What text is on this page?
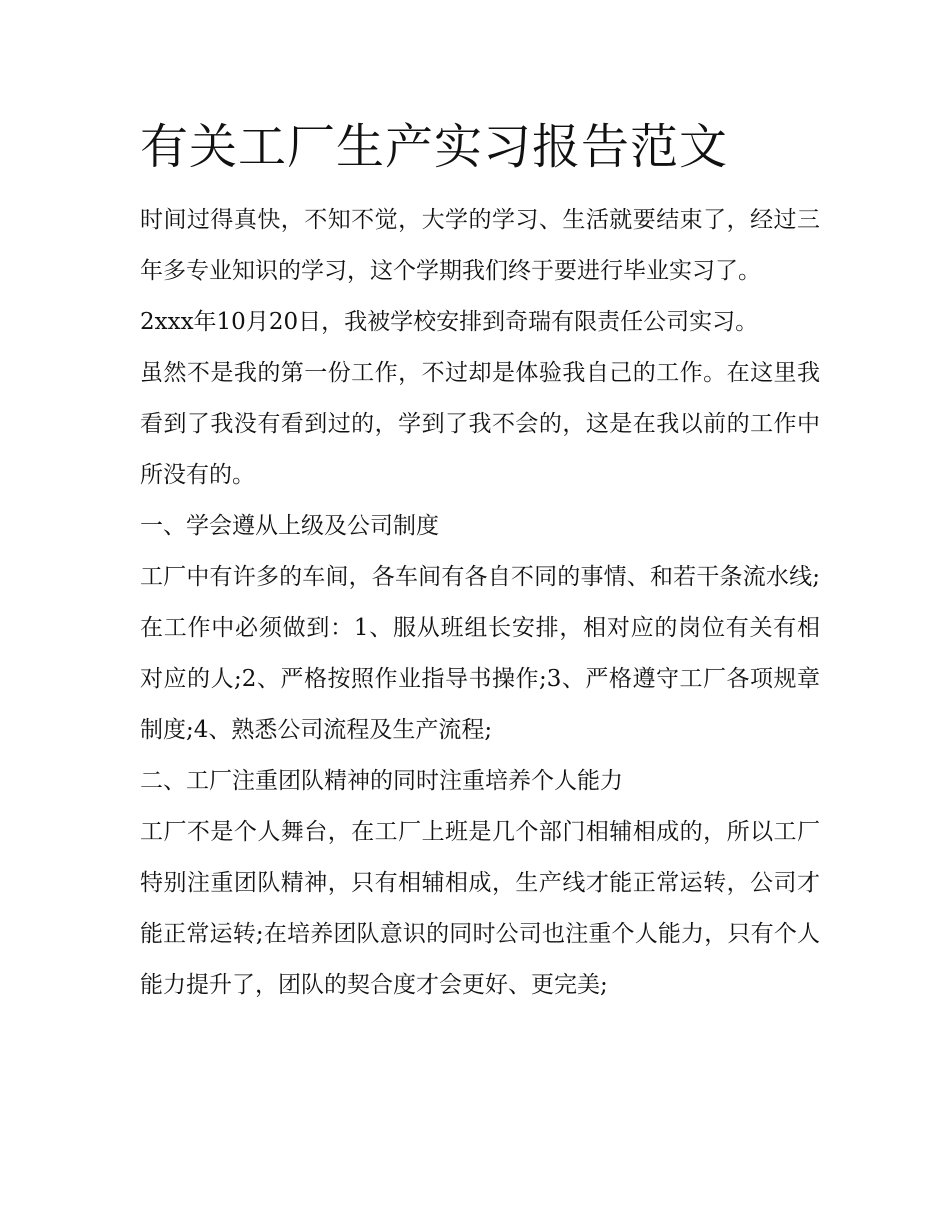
有关工厂生产实习报告范文

时间过得真快，不知不觉，大学的学习、生活就要结束了，经过三年多专业知识的学习，这个学期我们终于要进行毕业实习了。

2xxx年10月20日，我被学校安排到奇瑞有限责任公司实习。

虽然不是我的第一份工作，不过却是体验我自己的工作。在这里我看到了我没有看到过的，学到了我不会的，这是在我以前的工作中所没有的。

一、学会遵从上级及公司制度

工厂中有许多的车间，各车间有各自不同的事情、和若干条流水线;在工作中必须做到：1、服从班组长安排，相对应的岗位有关有相对应的人;2、严格按照作业指导书操作;3、严格遵守工厂各项规章制度;4、熟悉公司流程及生产流程;

二、工厂注重团队精神的同时注重培养个人能力

工厂不是个人舞台，在工厂上班是几个部门相辅相成的，所以工厂特别注重团队精神，只有相辅相成，生产线才能正常运转，公司才能正常运转;在培养团队意识的同时公司也注重个人能力，只有个人能力提升了，团队的契合度才会更好、更完美;
